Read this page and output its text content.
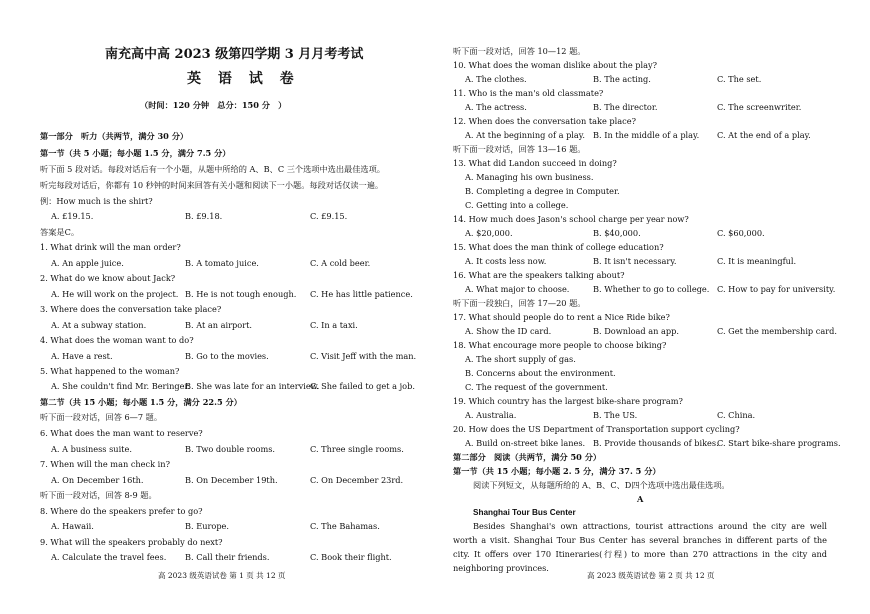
南充高中高 2023 级第四学期 3 月月考考试
英 语 试 卷
（时间：120 分钟　总分：150 分　）
第一部分　听力（共两节，满分 30 分）
第一节（共 5 小题；每小题 1.5 分，满分 7.5 分）
听下面 5 段对话。每段对话后有一个小题，从题中所给的 A、B、C 三个选项中选出最佳选项。
听完每段对话后，你都有 10 秒钟的时间来回答有关小题和阅读下一小题。每段对话仅读一遍。
例：How much is the shirt?
A. £19.15.	B. £9.18.	C. £9.15.
答案是C。
1. What drink will the man order?
A. An apple juice.	B. A tomato juice.	C. A cold beer.
2. What do we know about Jack?
A. He will work on the project. B. He is not tough enough. C. He has little patience.
3. Where does the conversation take place?
A. At a subway station.	B. At an airport.	C. In a taxi.
4. What does the woman want to do?
A. Have a rest.	B. Go to the movies.	C. Visit Jeff with the man.
5. What happened to the woman?
A. She couldn't find Mr. Beringer.
B. She was late for an interview.
C. She failed to get a job.
第二节（共 15 小题；每小题 1.5 分，满分 22.5 分）
听下面一段对话，回答 6—7 题。
6. What does the man want to reserve?
A. A business suite.	B. Two double rooms.	C. Three single rooms.
7. When will the man check in?
A. On December 16th.	B. On December 19th.	C. On December 23rd.
听下面一段对话，回答 8-9 题。
8. Where do the speakers prefer to go?
A. Hawaii.	B. Europe.	C. The Bahamas.
9. What will the speakers probably do next?
A. Calculate the travel fees. B. Call their friends.	C. Book their flight.
高 2023 级英语试卷 第 1 页 共 12 页
听下面一段对话，回答 10—12 题。
10. What does the woman dislike about the play?
A. The clothes.	B. The acting.	C. The set.
11. Who is the man's old classmate?
A. The actress.	B. The director.	C. The screenwriter.
12. When does the conversation take place?
A. At the beginning of a play. B. In the middle of a play. C. At the end of a play.
听下面一段对话，回答 13—16 题。
13. What did Landon succeed in doing?
A. Managing his own business.
B. Completing a degree in Computer.
C. Getting into a college.
14. How much does Jason's school charge per year now?
A. $20,000.	B. $40,000.	C. $60,000.
15. What does the man think of college education?
A. It costs less now.	B. It isn't necessary.	C. It is meaningful.
16. What are the speakers talking about?
A. What major to choose.	B. Whether to go to college. C. How to pay for university.
听下面一段独白，回答 17—20 题。
17. What should people do to rent a Nice Ride bike?
A. Show the ID card.	B. Download an app.	C. Get the membership card.
18. What encourage more people to choose biking?
A. The short supply of gas.
B. Concerns about the environment.
C. The request of the government.
19. Which country has the largest bike-share program?
A. Australia.	B. The US.	C. China.
20. How does the US Department of Transportation support cycling?
A. Build on-street bike lanes. B. Provide thousands of bikes.
C. Start bike-share programs.
第二部分　阅读（共两节，满分 50 分）
第一节（共 15 小题；每小题 2. 5 分，满分 37. 5 分）
阅读下列短文，从每题所给的 A、B、C、D四个选项中选出最佳选项。
A
Shanghai Tour Bus Center
Besides Shanghai's own attractions, tourist attractions around the city are well worth a visit. Shanghai Tour Bus Center has several branches in different parts of the city. It offers over 170 Itineraries(行程) to more than 270 attractions in the city and neighboring provinces.
高 2023 级英语试卷 第 2 页 共 12 页
